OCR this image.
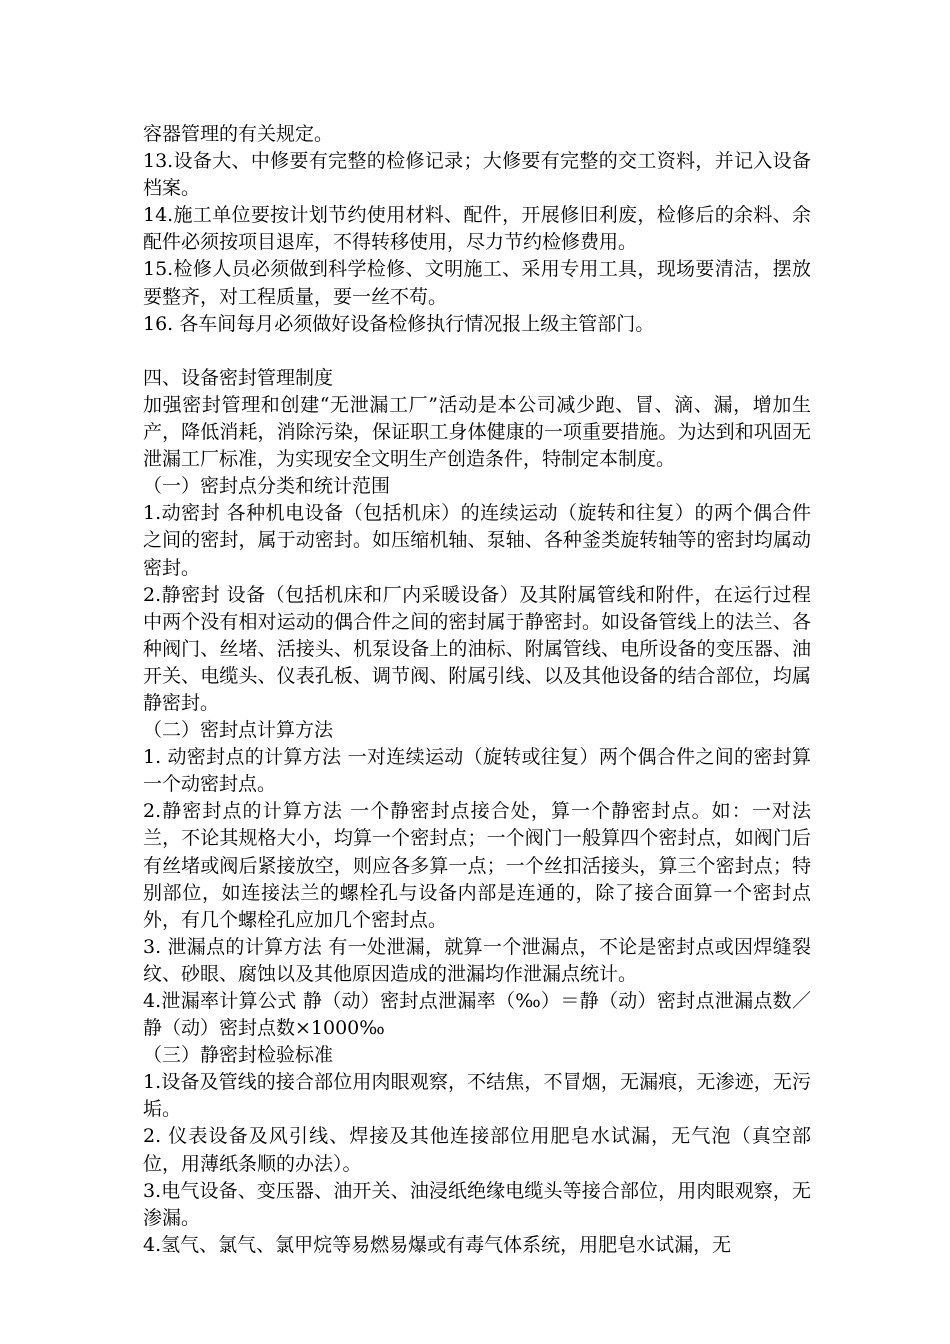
容器管理的有关规定。
13.设备大、中修要有完整的检修记录；大修要有完整的交工资料，并记入设备档案。
14.施工单位要按计划节约使用材料、配件，开展修旧利废，检修后的余料、余配件必须按项目退库，不得转移使用，尽力节约检修费用。
15.检修人员必须做到科学检修、文明施工、采用专用工具，现场要清洁，摆放要整齐，对工程质量，要一丝不苟。
16. 各车间每月必须做好设备检修执行情况报上级主管部门。
四、设备密封管理制度
加强密封管理和创建“无泄漏工厂”活动是本公司减少跑、冒、滴、漏，增加生产，降低消耗，消除污染，保证职工身体健康的一项重要措施。为达到和巩固无泄漏工厂标准，为实现安全文明生产创造条件，特制定本制度。
（一）密封点分类和统计范围
1.动密封 各种机电设备（包括机床）的连续运动（旋转和往复）的两个偶合件之间的密封，属于动密封。如压缩机轴、泵轴、各种釜类旋转轴等的密封均属动密封。
2.静密封 设备（包括机床和厂内采暖设备）及其附属管线和附件，在运行过程中两个没有相对运动的偶合件之间的密封属于静密封。如设备管线上的法兰、各种阀门、丝堵、活接头、机泵设备上的油标、附属管线、电所设备的变压器、油开关、电缆头、仪表孔板、调节阀、附属引线、以及其他设备的结合部位，均属静密封。
（二）密封点计算方法
1. 动密封点的计算方法 一对连续运动（旋转或往复）两个偶合件之间的密封算一个动密封点。
2.静密封点的计算方法 一个静密封点接合处，算一个静密封点。如：一对法兰，不论其规格大小，均算一个密封点；一个阀门一般算四个密封点，如阀门后有丝堵或阀后紧接放空，则应各多算一点；一个丝扣活接头，算三个密封点；特别部位，如连接法兰的螺栓孔与设备内部是连通的，除了接合面算一个密封点外，有几个螺栓孔应加几个密封点。
3. 泄漏点的计算方法 有一处泄漏，就算一个泄漏点，不论是密封点或因焊缝裂纹、砂眼、腐蚀以及其他原因造成的泄漏均作泄漏点统计。
4.泄漏率计算公式 静（动）密封点泄漏率（‰）＝静（动）密封点泄漏点数／静（动）密封点数×1000‰
（三）静密封检验标准
1.设备及管线的接合部位用肉眼观察，不结焦，不冒烟，无漏痕，无渗迹，无污垢。
2. 仪表设备及风引线、焊接及其他连接部位用肥皂水试漏，无气泡（真空部位，用薄纸条顺的办法）。
3.电气设备、变压器、油开关、油浸纸绝缘电缆头等接合部位，用肉眼观察，无渗漏。
4.氢气、氯气、氯甲烷等易燃易爆或有毒气体系统，用肥皂水试漏，无
